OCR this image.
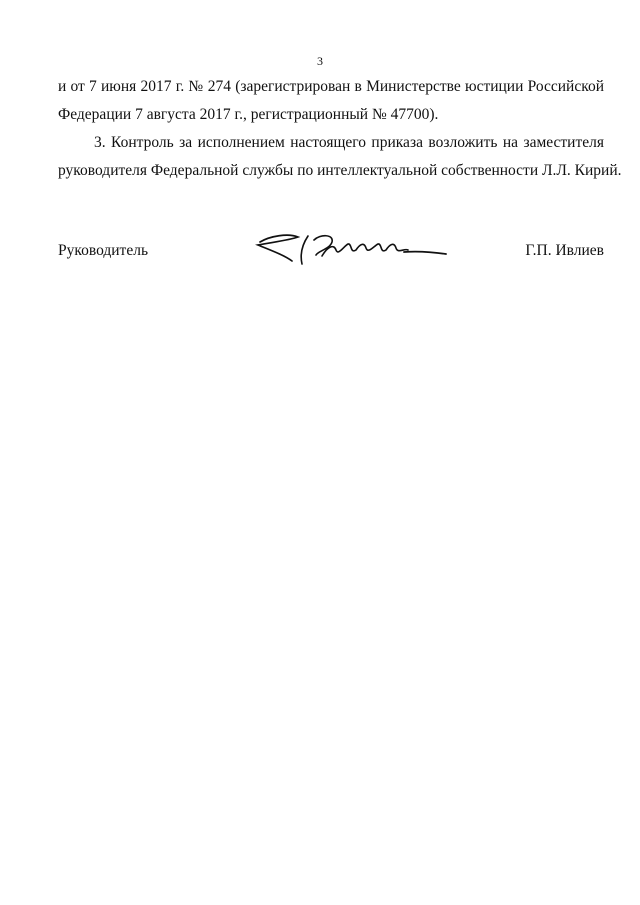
3
и от 7 июня 2017 г. № 274 (зарегистрирован в Министерстве юстиции Российской
Федерации 7 августа 2017 г., регистрационный № 47700).
3. Контроль за исполнением настоящего приказа возложить на заместителя
руководителя Федеральной службы по интеллектуальной собственности Л.Л. Кирий.
Руководитель	Г.П. Ивлиев
